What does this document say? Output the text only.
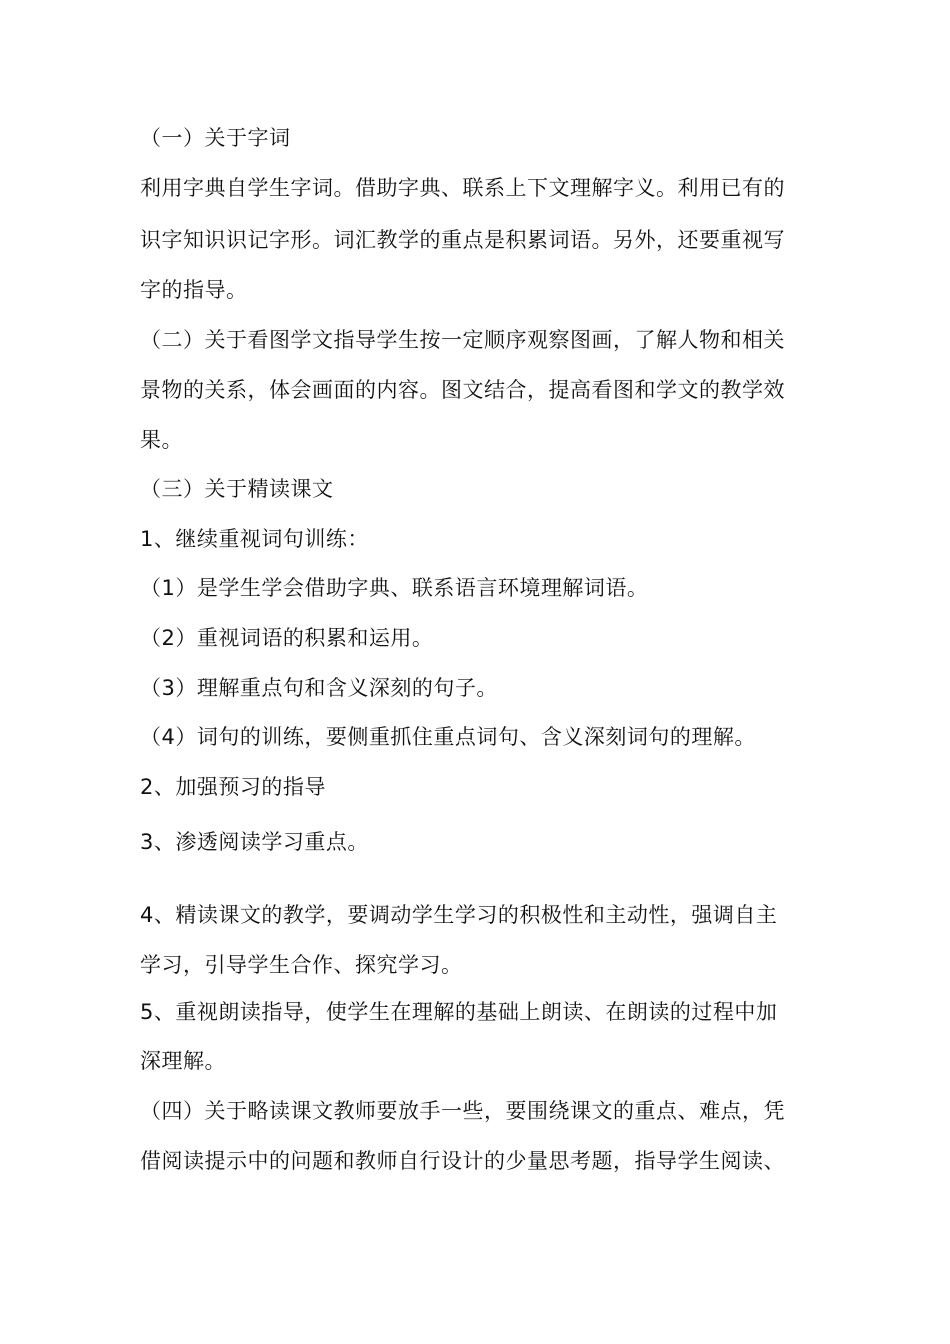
（一）关于字词
利用字典自学生字词。借助字典、联系上下文理解字义。利用已有的
识字知识识记字形。词汇教学的重点是积累词语。另外，还要重视写
字的指导。
（二）关于看图学文指导学生按一定顺序观察图画，了解人物和相关
景物的关系，体会画面的内容。图文结合，提高看图和学文的教学效
果。
（三）关于精读课文
1、继续重视词句训练：
（1）是学生学会借助字典、联系语言环境理解词语。
（2）重视词语的积累和运用。
（3）理解重点句和含义深刻的句子。
（4）词句的训练，要侧重抓住重点词句、含义深刻词句的理解。
2、加强预习的指导
3、渗透阅读学习重点。
4、精读课文的教学，要调动学生学习的积极性和主动性，强调自主
学习，引导学生合作、探究学习。
5、重视朗读指导，使学生在理解的基础上朗读、在朗读的过程中加
深理解。
（四）关于略读课文教师要放手一些，要围绕课文的重点、难点，凭
借阅读提示中的问题和教师自行设计的少量思考题，指导学生阅读、
